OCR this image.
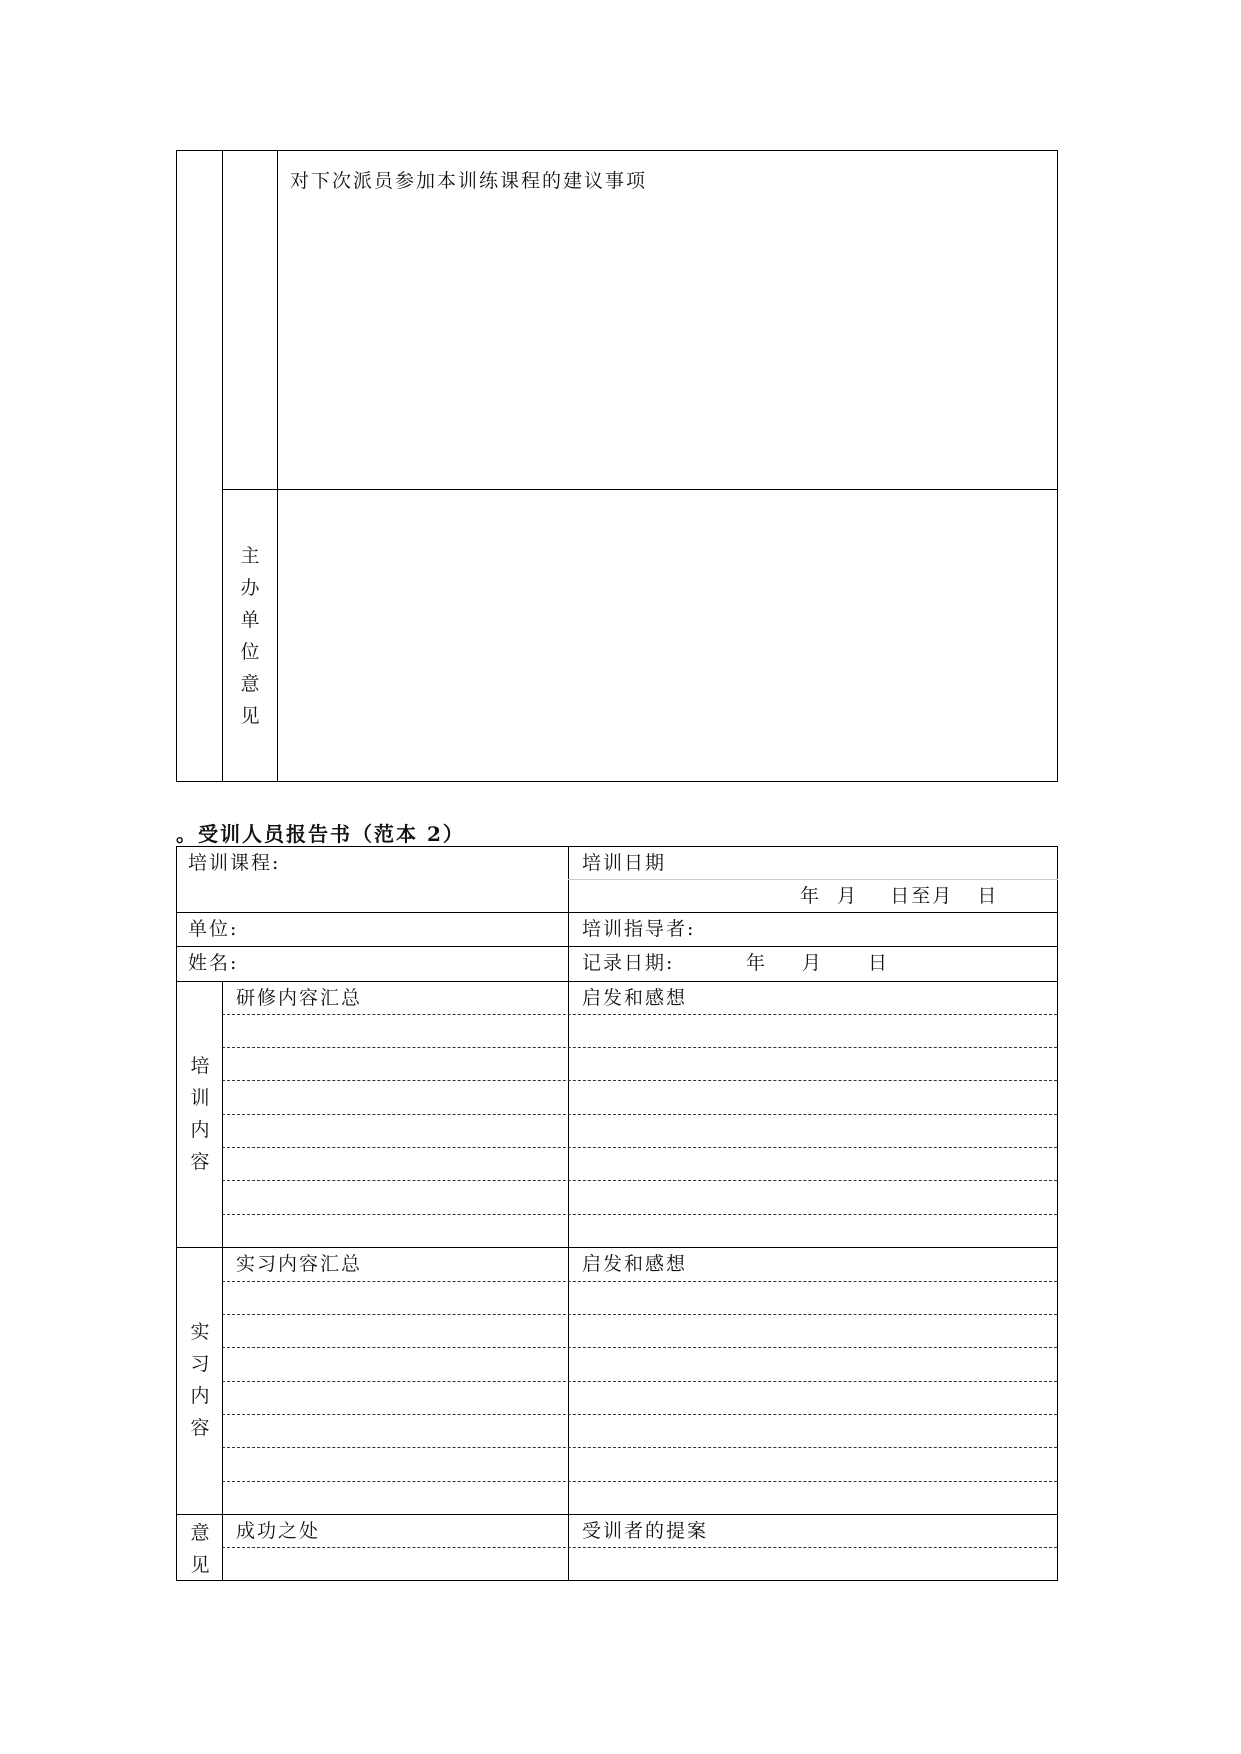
对下次派员参加本训练课程的建议事项
主
办
单
位
意
见
。受训人员报告书（范本 2）
培训课程:	培训日期
年  月    日至月   日
单位:	培训指导者:
姓名:	记录日期:	年 月 日
培
训
内
容
研修内容汇总	启发和感想
实
习
内
容
实习内容汇总	启发和感想
意
见
成功之处	受训者的提案
